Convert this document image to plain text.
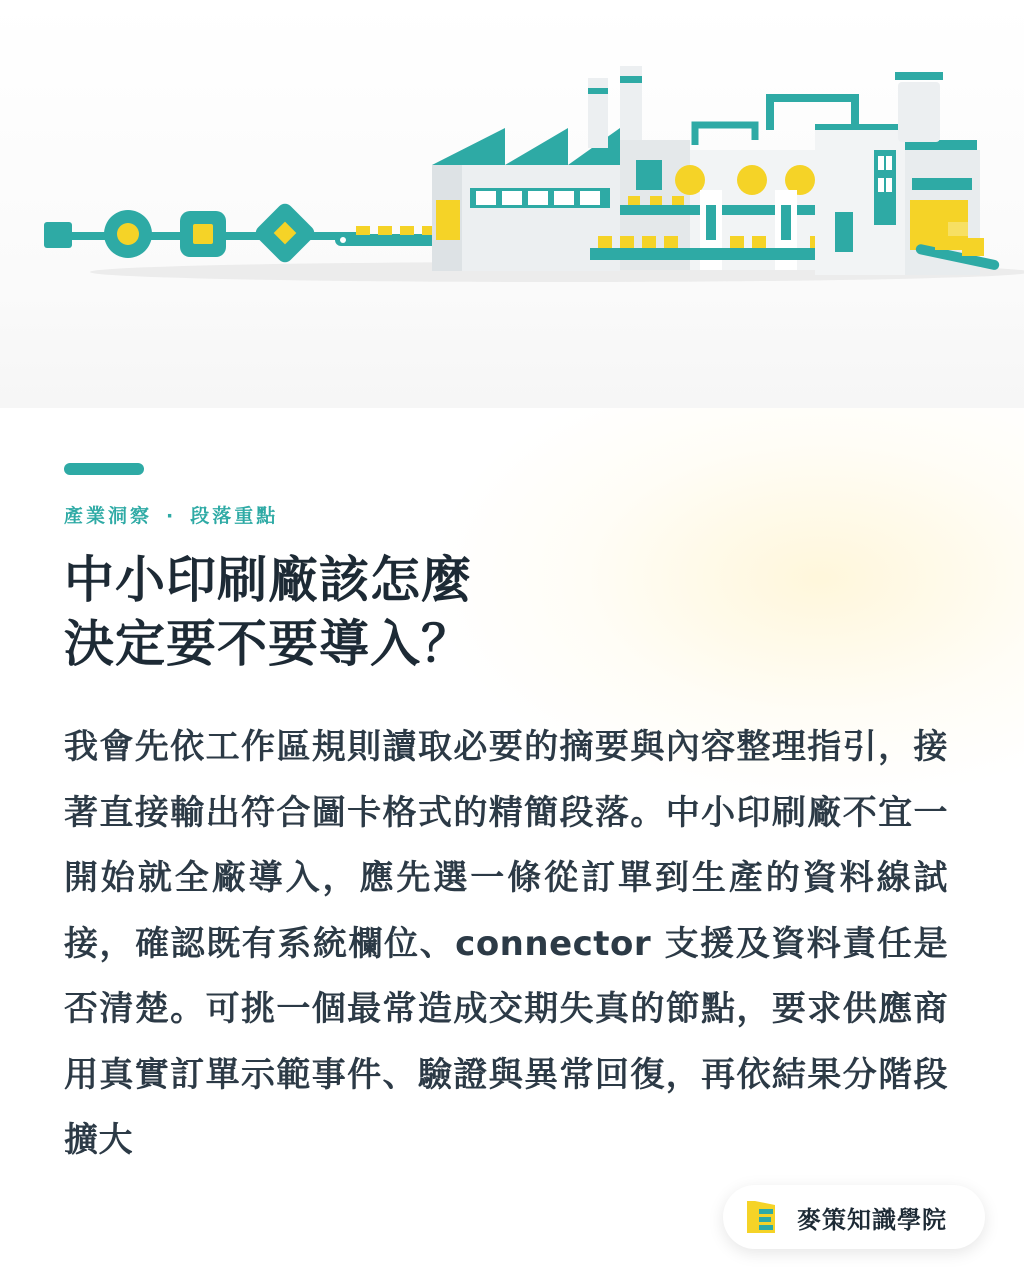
產業洞察 · 段落重點
中小印刷廠該怎麼
決定要不要導入？

我會先依工作區規則讀取必要的摘要與內容整理指引，接著直接輸出符合圖卡格式的精簡段落。中小印刷廠不宜一開始就全廠導入，應先選一條從訂單到生產的資料線試接，確認既有系統欄位、connector 支援及資料責任是否清楚。可挑一個最常造成交期失真的節點，要求供應商用真實訂單示範事件、驗證與異常回復，再依結果分階段擴大

麥策知識學院
